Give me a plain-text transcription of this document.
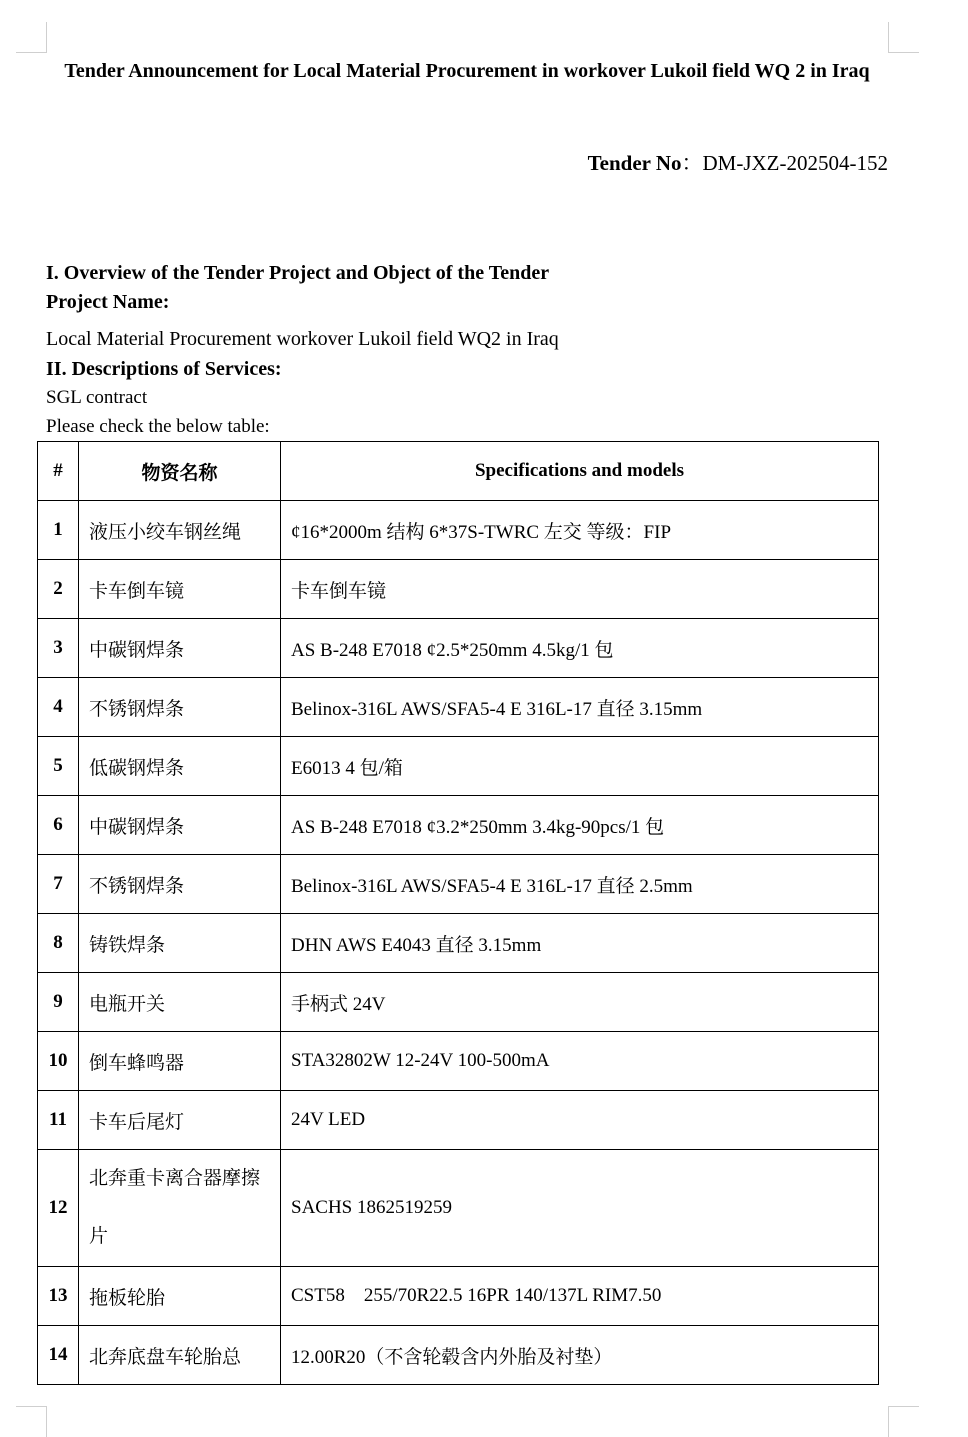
Tender Announcement for Local Material Procurement in workover Lukoil field WQ 2 in Iraq
Tender No：DM-JXZ-202504-152
I. Overview of the Tender Project and Object of the Tender
Project Name:

Local Material Procurement workover Lukoil field WQ2 in Iraq

II. Descriptions of Services:

SGL contract

Please check the below table:

#	物资名称	Specifications and models
1	液压小绞车钢丝绳	¢16*2000m 结构 6*37S-TWRC 左交 等级：FIP
2	卡车倒车镜	卡车倒车镜
3	中碳钢焊条	AS B-248 E7018 ¢2.5*250mm 4.5kg/1 包
4	不锈钢焊条	Belinox-316L AWS/SFA5-4 E 316L-17 直径 3.15mm
5	低碳钢焊条	E6013 4 包/箱
6	中碳钢焊条	AS B-248 E7018 ¢3.2*250mm 3.4kg-90pcs/1 包
7	不锈钢焊条	Belinox-316L AWS/SFA5-4 E 316L-17 直径 2.5mm
8	铸铁焊条	DHN AWS E4043 直径 3.15mm
9	电瓶开关	手柄式 24V
10	倒车蜂鸣器	STA32802W 12-24V 100-500mA
11	卡车后尾灯	24V LED
12	北奔重卡离合器摩擦片	SACHS 1862519259
13	拖板轮胎	CST58    255/70R22.5 16PR 140/137L RIM7.50
14	北奔底盘车轮胎总	12.00R20（不含轮毂含内外胎及衬垫）
